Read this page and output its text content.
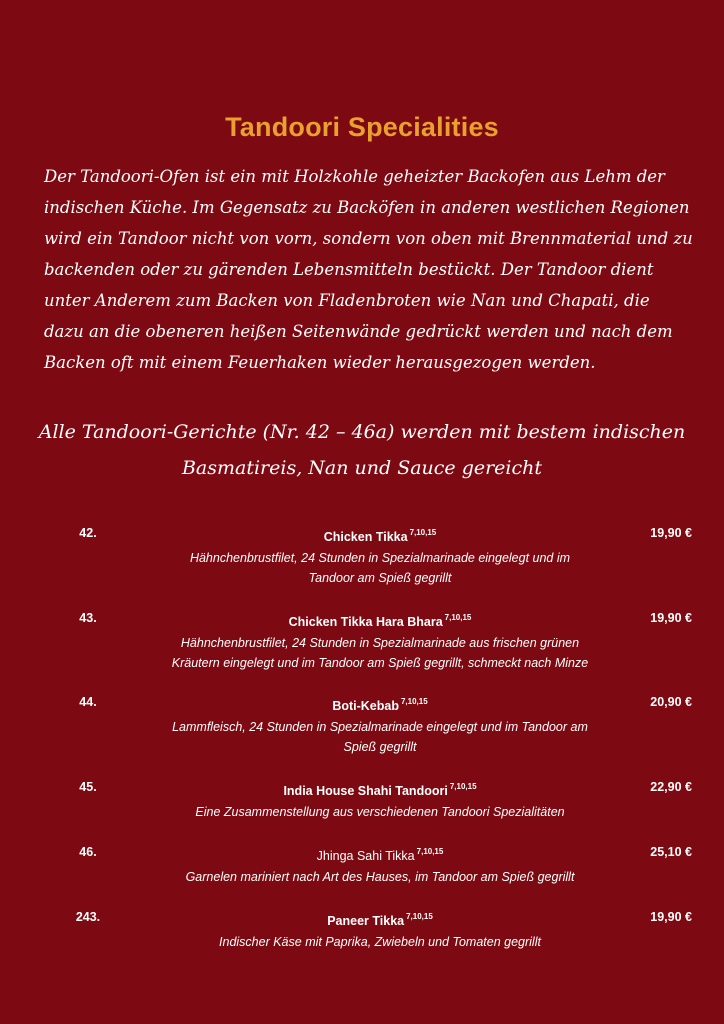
Tandoori Specialities
Der Tandoori-Ofen ist ein mit Holzkohle geheizter Backofen aus Lehm der
indischen Küche. Im Gegensatz zu Backöfen in anderen westlichen Regionen
wird ein Tandoor nicht von vorn, sondern von oben mit Brennmaterial und zu
backenden oder zu gärenden Lebensmitteln bestückt. Der Tandoor dient
unter Anderem zum Backen von Fladenbroten wie Nan und Chapati, die
dazu an die obeneren heißen Seitenwände gedrückt werden und nach dem
Backen oft mit einem Feuerhaken wieder herausgezogen werden.
Alle Tandoori-Gerichte (Nr. 42 – 46a) werden mit bestem indischen
Basmatireis, Nan und Sauce gereicht
42.	Chicken Tikka $^{7,10,15}$	19,90 €
Hähnchenbrustfilet, 24 Stunden in Spezialmarinade eingelegt und im
Tandoor am Spieß gegrillt
43.	Chicken Tikka Hara Bhara $^{7,10,15}$	19,90 €
Hähnchenbrustfilet, 24 Stunden in Spezialmarinade aus frischen grünen
Kräutern eingelegt und im Tandoor am Spieß gegrillt, schmeckt nach Minze
44.	Boti-Kebab $^{7,10,15}$	20,90 €
Lammfleisch, 24 Stunden in Spezialmarinade eingelegt und im Tandoor am
Spieß gegrillt
45.	India House Shahi Tandoori $^{7,10,15}$	22,90 €
Eine Zusammenstellung aus verschiedenen Tandoori Spezialitäten
46.	Jhinga Sahi Tikka $^{7,10,15}$	25,10 €
Garnelen mariniert nach Art des Hauses, im Tandoor am Spieß gegrillt
243.	Paneer Tikka $^{7,10,15}$	19,90 €
Indischer Käse mit Paprika, Zwiebeln und Tomaten gegrillt
